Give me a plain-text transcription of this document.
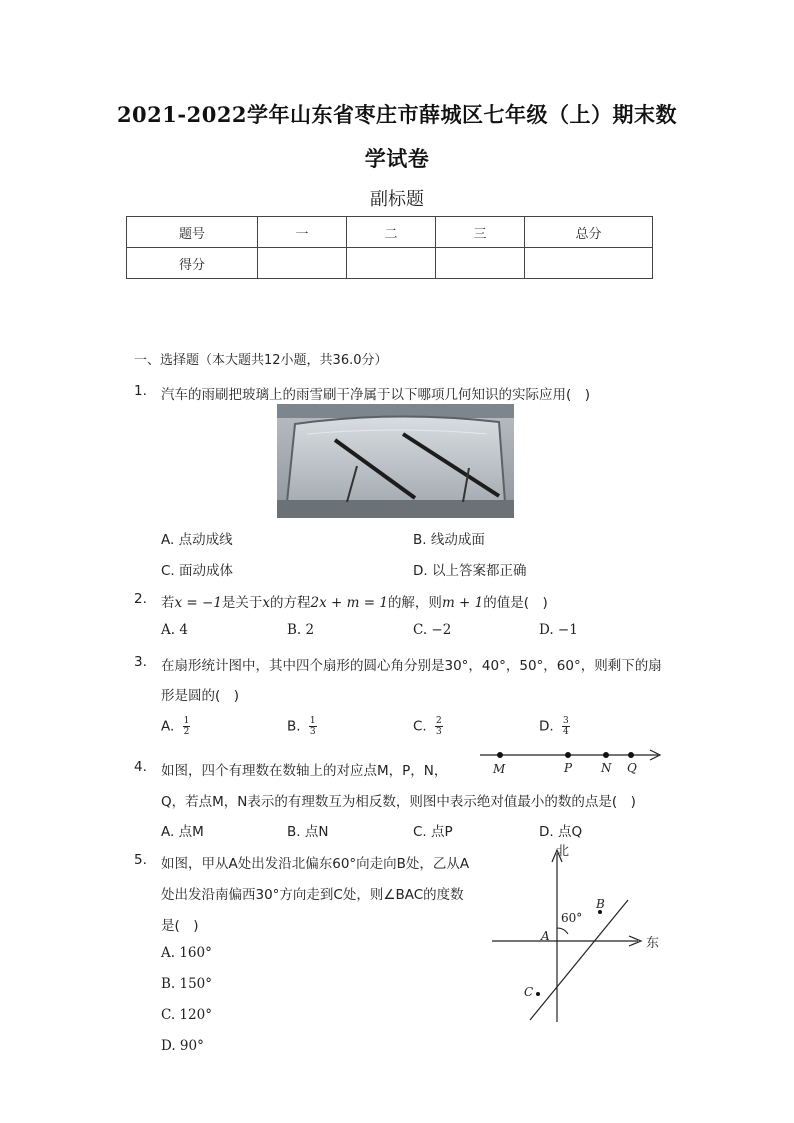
2021-2022学年山东省枣庄市薛城区七年级（上）期末数
学试卷
副标题
题号	一	二	三	总分
得分				
一、选择题（本大题共12小题，共36.0分）
1. 汽车的雨刷把玻璃上的雨雪刷干净属于以下哪项几何知识的实际应用(　)
A. 点动成线	B. 线动成面
C. 面动成体	D. 以上答案都正确
2. 若x = −1是关于x的方程2x + m = 1的解，则m + 1的值是(　)
A. 4	B. 2	C. −2	D. −1
3. 在扇形统计图中，其中四个扇形的圆心角分别是30°，40°，50°，60°，则剩下的扇
形是圆的(　)
A. $\frac{1}{2}$	B. $\frac{1}{3}$	C. $\frac{2}{3}$	D. $\frac{3}{4}$
4. 如图，四个有理数在数轴上的对应点M，P，N，
Q，若点M，N表示的有理数互为相反数，则图中表示绝对值最小的数的点是(　)
M	P N Q
A. 点M	B. 点N	C. 点P	D. 点Q
5. 如图，甲从A处出发沿北偏东60°向走向B处，乙从A
处出发沿南偏西30°方向走到C处，则∠BAC的度数
是(　)
A. 160°
B. 150°
C. 120°
D. 90°
北
东
60°
A
B
C
